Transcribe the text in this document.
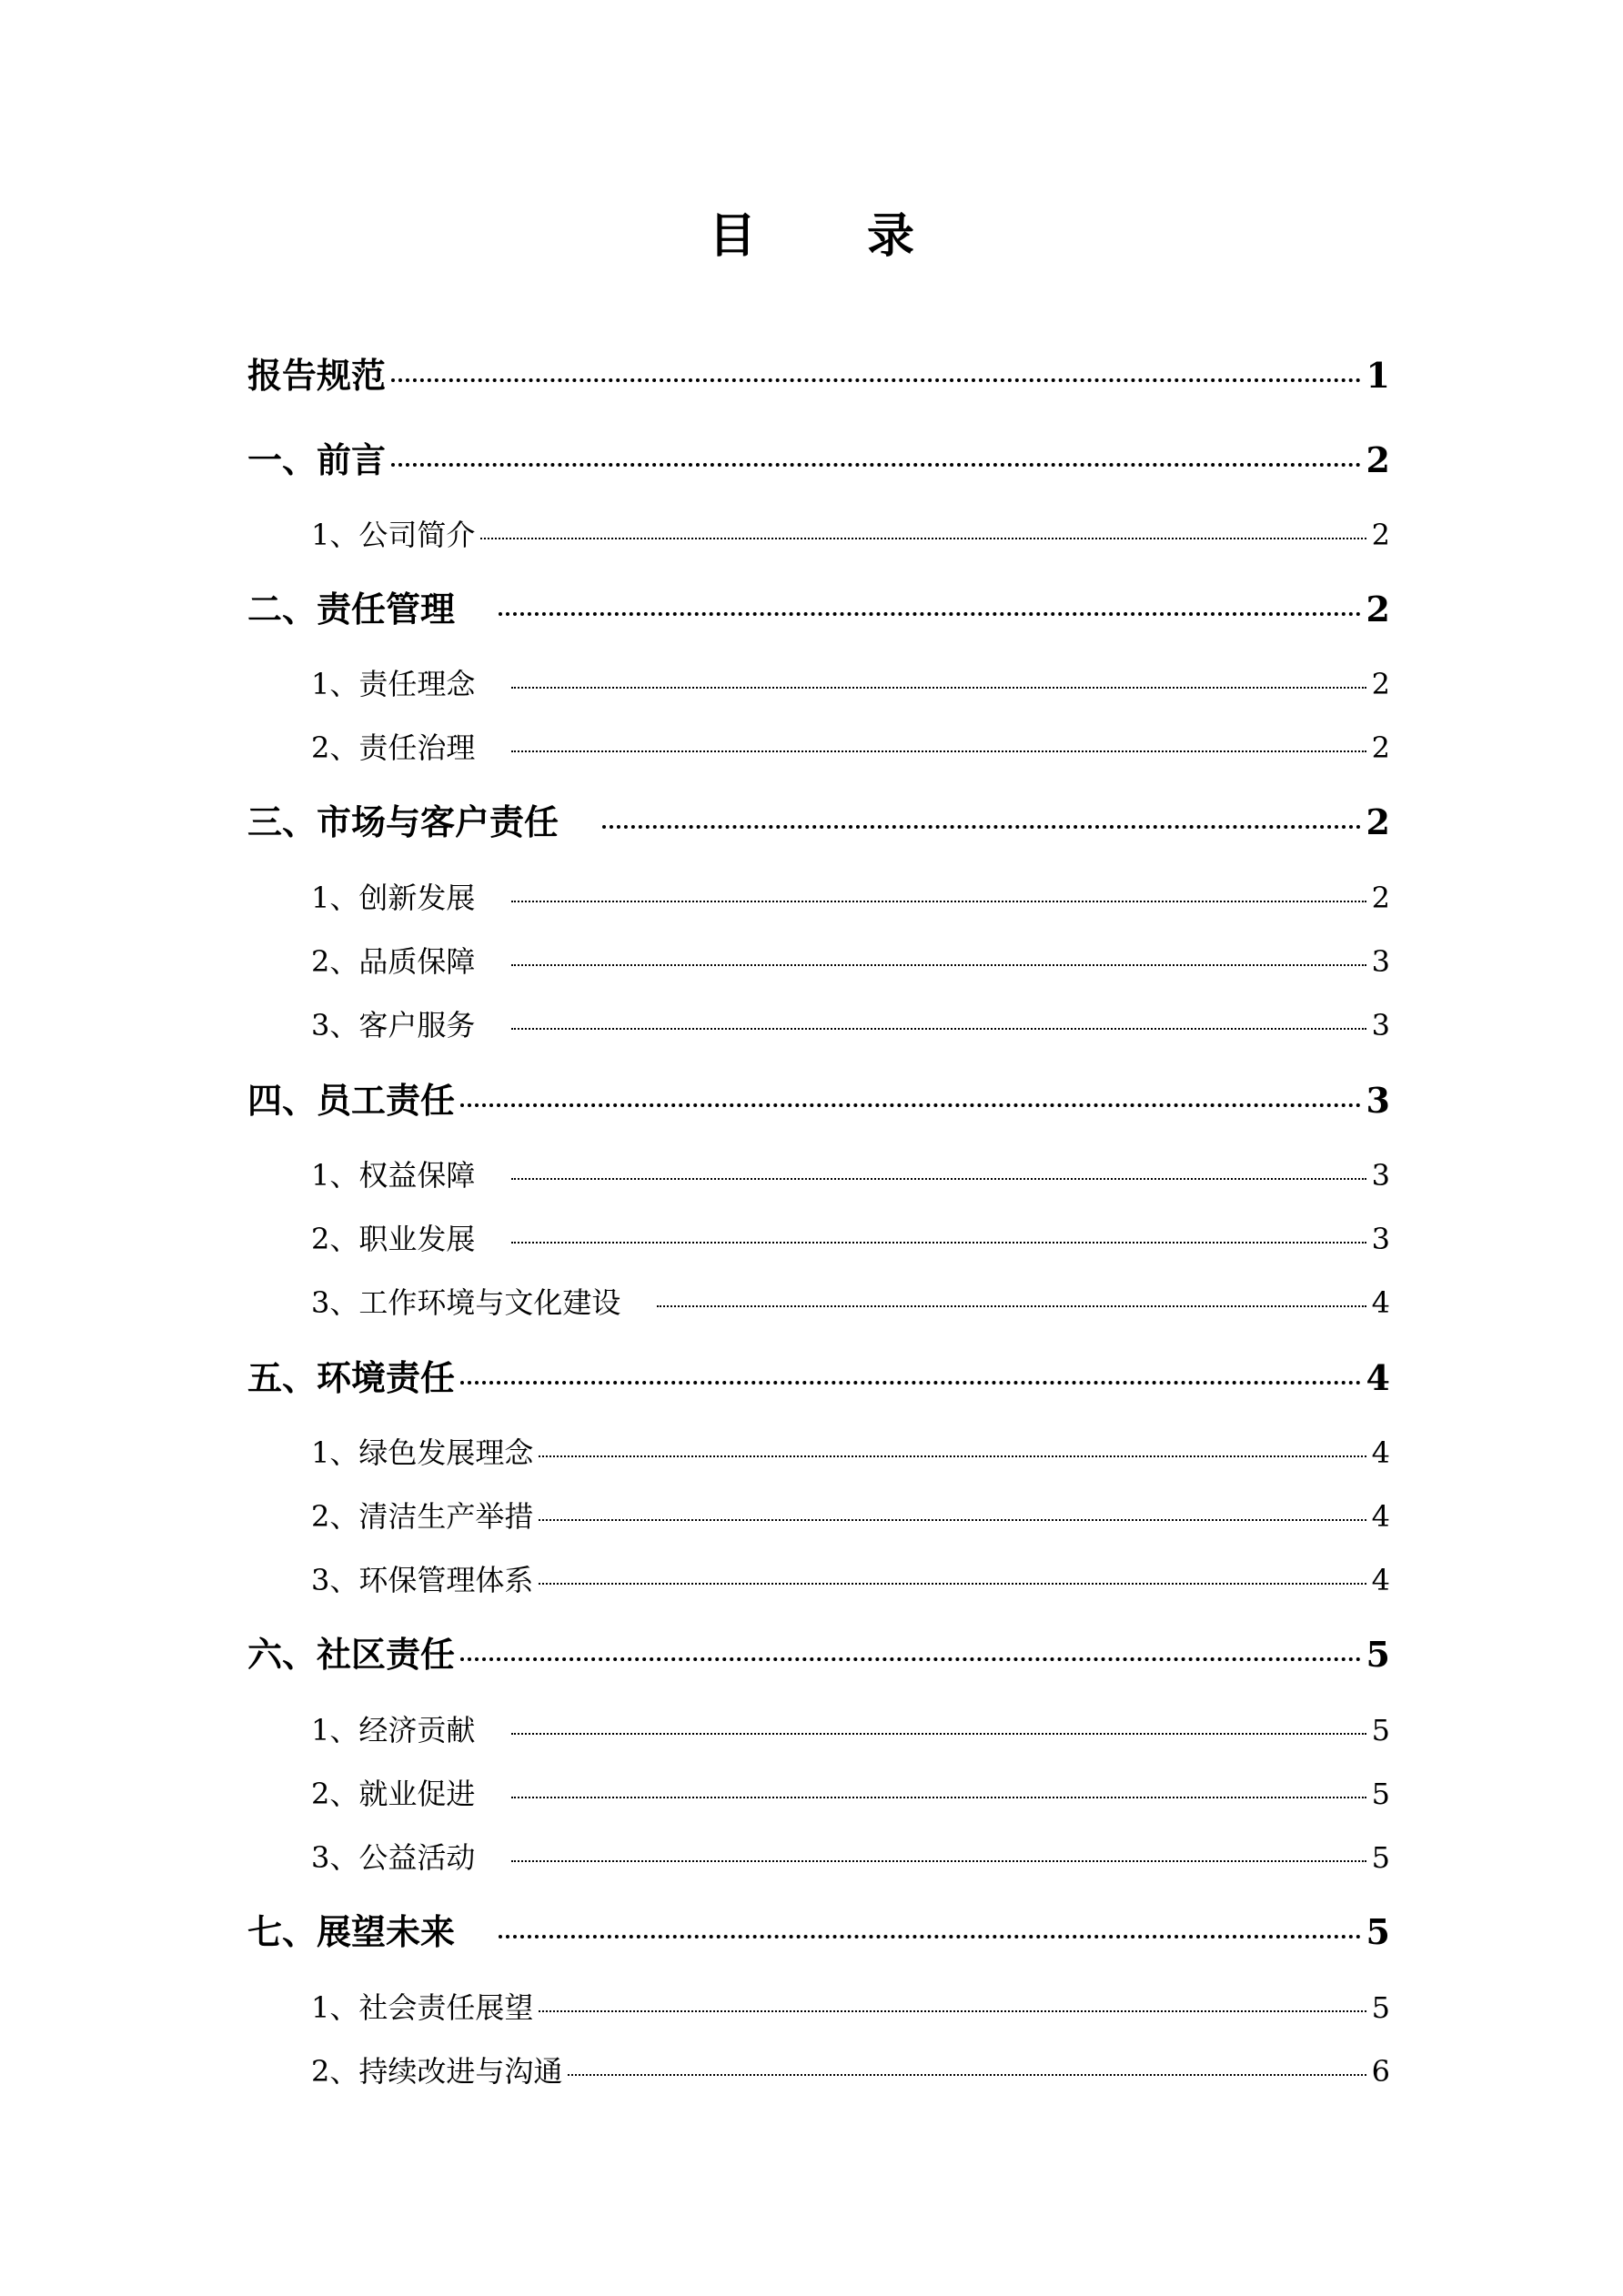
目 录
报告规范	1
一、前言	2
1、公司简介	2
二、责任管理	2
1、责任理念	2
2、责任治理	2
三、市场与客户责任	2
1、创新发展	2
2、品质保障	3
3、客户服务	3
四、员工责任	3
1、权益保障	3
2、职业发展	3
3、工作环境与文化建设	4
五、环境责任	4
1、绿色发展理念	4
2、清洁生产举措	4
3、环保管理体系	4
六、社区责任	5
1、经济贡献	5
2、就业促进	5
3、公益活动	5
七、展望未来	5
1、社会责任展望	5
2、持续改进与沟通	6
